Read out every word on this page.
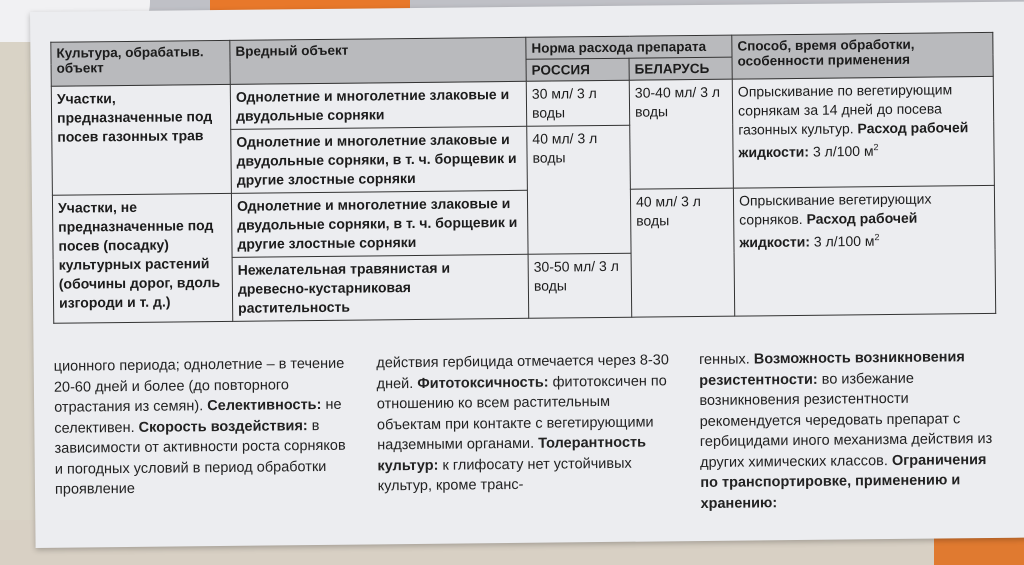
Культура, обрабатыв. объект	Вредный объект	Норма расхода препарата		Способ, время обработки, особенности применения
		РОССИЯ	БЕЛАРУСЬ	
Участки, предназначенные под посев газонных трав	Однолетние и многолетние злаковые и двудольные сорняки	30 мл/ 3 л воды	30-40 мл/ 3 л воды	Опрыскивание по вегетирующим сорнякам за 14 дней до посева газонных культур. Расход рабочей жидкости: 3 л/100 $м^2$
	Однолетние и многолетние злаковые и двудольные сорняки, в т. ч. борщевик и другие злостные сорняки	40 мл/ 3 л воды		
Участки, не предназначенные под посев (посадку) культурных растений (обочины дорог, вдоль изгороди и т. д.)	Однолетние и многолетние злаковые и двудольные сорняки, в т. ч. борщевик и другие злостные сорняки		40 мл/ 3 л воды	Опрыскивание вегетирующих сорняков. Расход рабочей жидкости: 3 л/100 $м^2$
	Нежелательная травянистая и древесно-кустарниковая растительность	30-50 мл/ 3 л воды		
ционного периода; однолетние – в течение 20-60 дней и более (до повторного отрастания из семян). Селективность: не селективен. Скорость воздействия: в зависимости от активности роста сорняков и погодных условий в период обработки проявление
действия гербицида отмечается через 8-30 дней. Фитотоксичность: фитотоксичен по отношению ко всем растительным объектам при контакте с вегетирующими надземными органами. Толерантность культур: к глифосату нет устойчивых культур, кроме транс-
генных. Возможность возникновения резистентности: во избежание возникновения резистентности рекомендуется чередовать препарат с гербицидами иного механизма действия из других химических классов. Ограничения по транспортировке, применению и хранению:
